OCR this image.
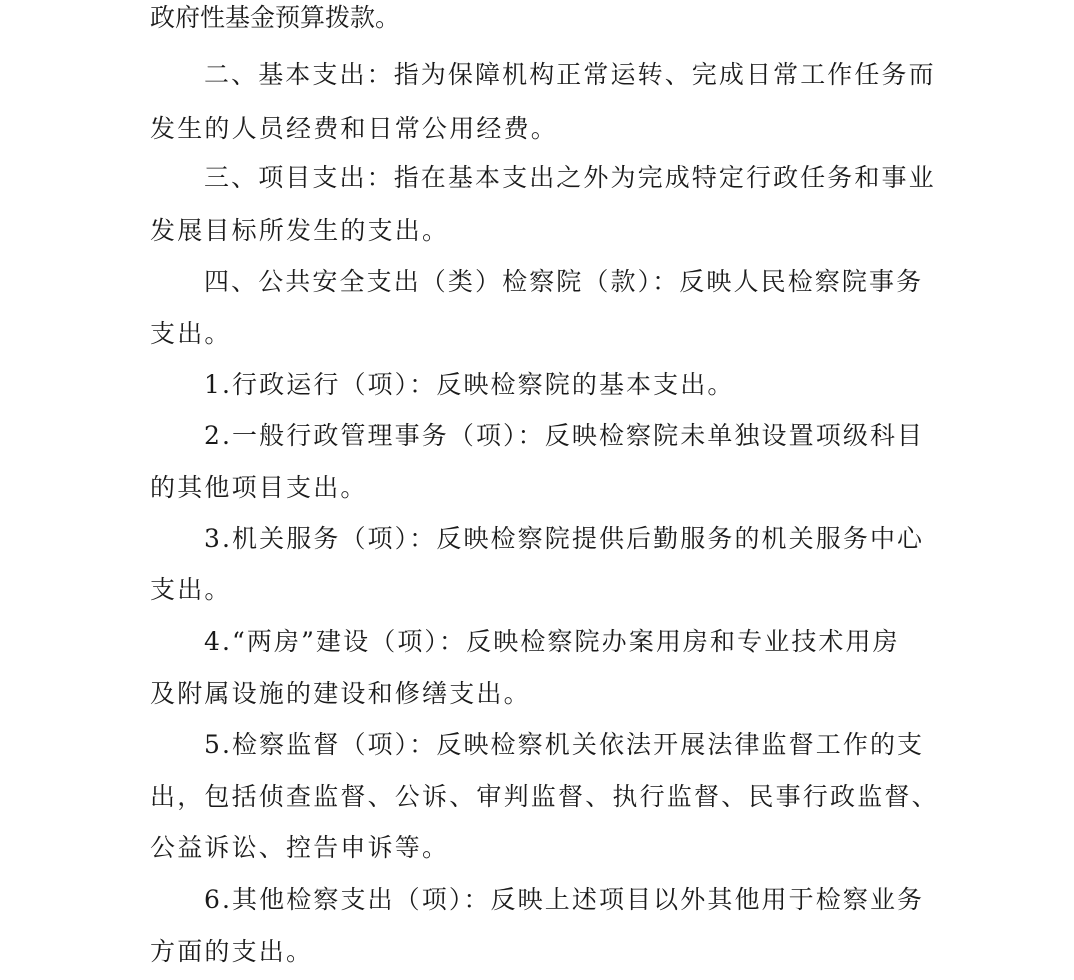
政府性基金预算拨款。
二、基本支出：指为保障机构正常运转、完成日常工作任务而
发生的人员经费和日常公用经费。
三、项目支出：指在基本支出之外为完成特定行政任务和事业
发展目标所发生的支出。
四、公共安全支出（类）检察院（款）：反映人民检察院事务
支出。
1.行政运行（项）：反映检察院的基本支出。
2.一般行政管理事务（项）：反映检察院未单独设置项级科目
的其他项目支出。
3.机关服务（项）：反映检察院提供后勤服务的机关服务中心
支出。
4.“两房”建设（项）：反映检察院办案用房和专业技术用房
及附属设施的建设和修缮支出。
5.检察监督（项）：反映检察机关依法开展法律监督工作的支
出，包括侦查监督、公诉、审判监督、执行监督、民事行政监督、
公益诉讼、控告申诉等。
6.其他检察支出（项）：反映上述项目以外其他用于检察业务
方面的支出。
